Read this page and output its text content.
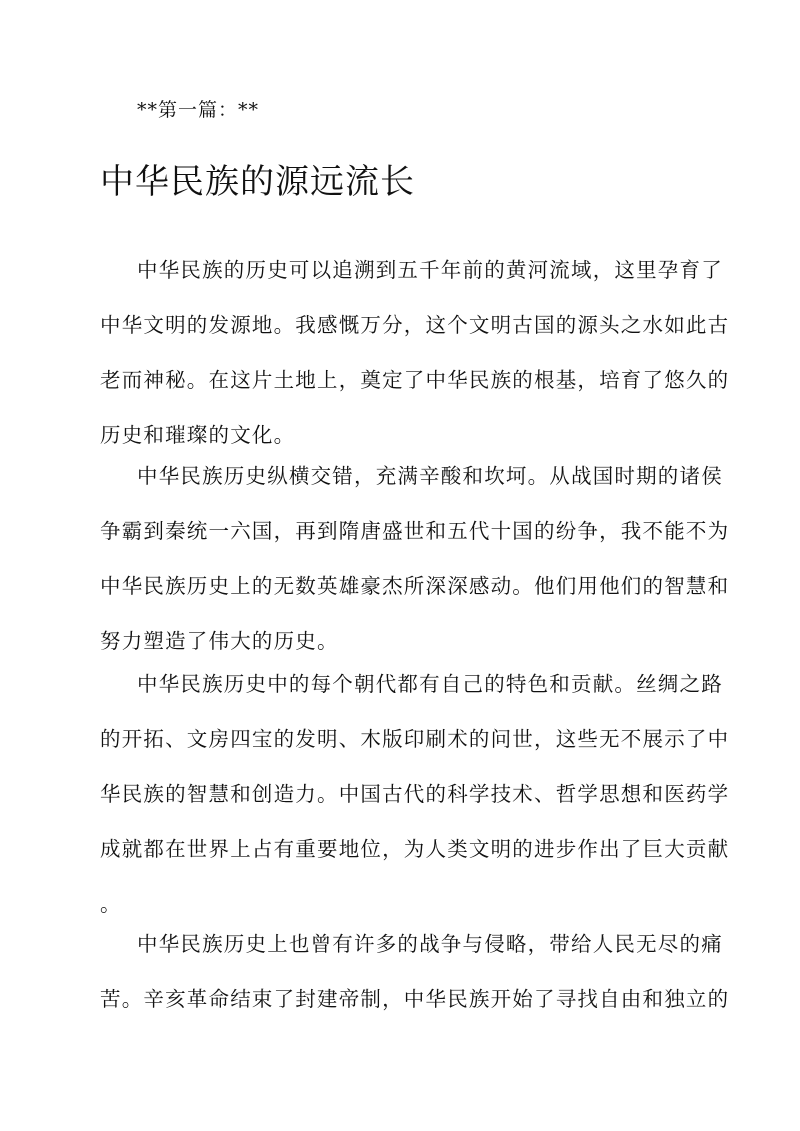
**第一篇：**
中华民族的源远流长
中华民族的历史可以追溯到五千年前的黄河流域，这里孕育了
中华文明的发源地。我感慨万分，这个文明古国的源头之水如此古
老而神秘。在这片土地上，奠定了中华民族的根基，培育了悠久的
历史和璀璨的文化。
中华民族历史纵横交错，充满辛酸和坎坷。从战国时期的诸侯
争霸到秦统一六国，再到隋唐盛世和五代十国的纷争，我不能不为
中华民族历史上的无数英雄豪杰所深深感动。他们用他们的智慧和
努力塑造了伟大的历史。
中华民族历史中的每个朝代都有自己的特色和贡献。丝绸之路
的开拓、文房四宝的发明、木版印刷术的问世，这些无不展示了中
华民族的智慧和创造力。中国古代的科学技术、哲学思想和医药学
成就都在世界上占有重要地位，为人类文明的进步作出了巨大贡献
。
中华民族历史上也曾有许多的战争与侵略，带给人民无尽的痛
苦。辛亥革命结束了封建帝制，中华民族开始了寻找自由和独立的
